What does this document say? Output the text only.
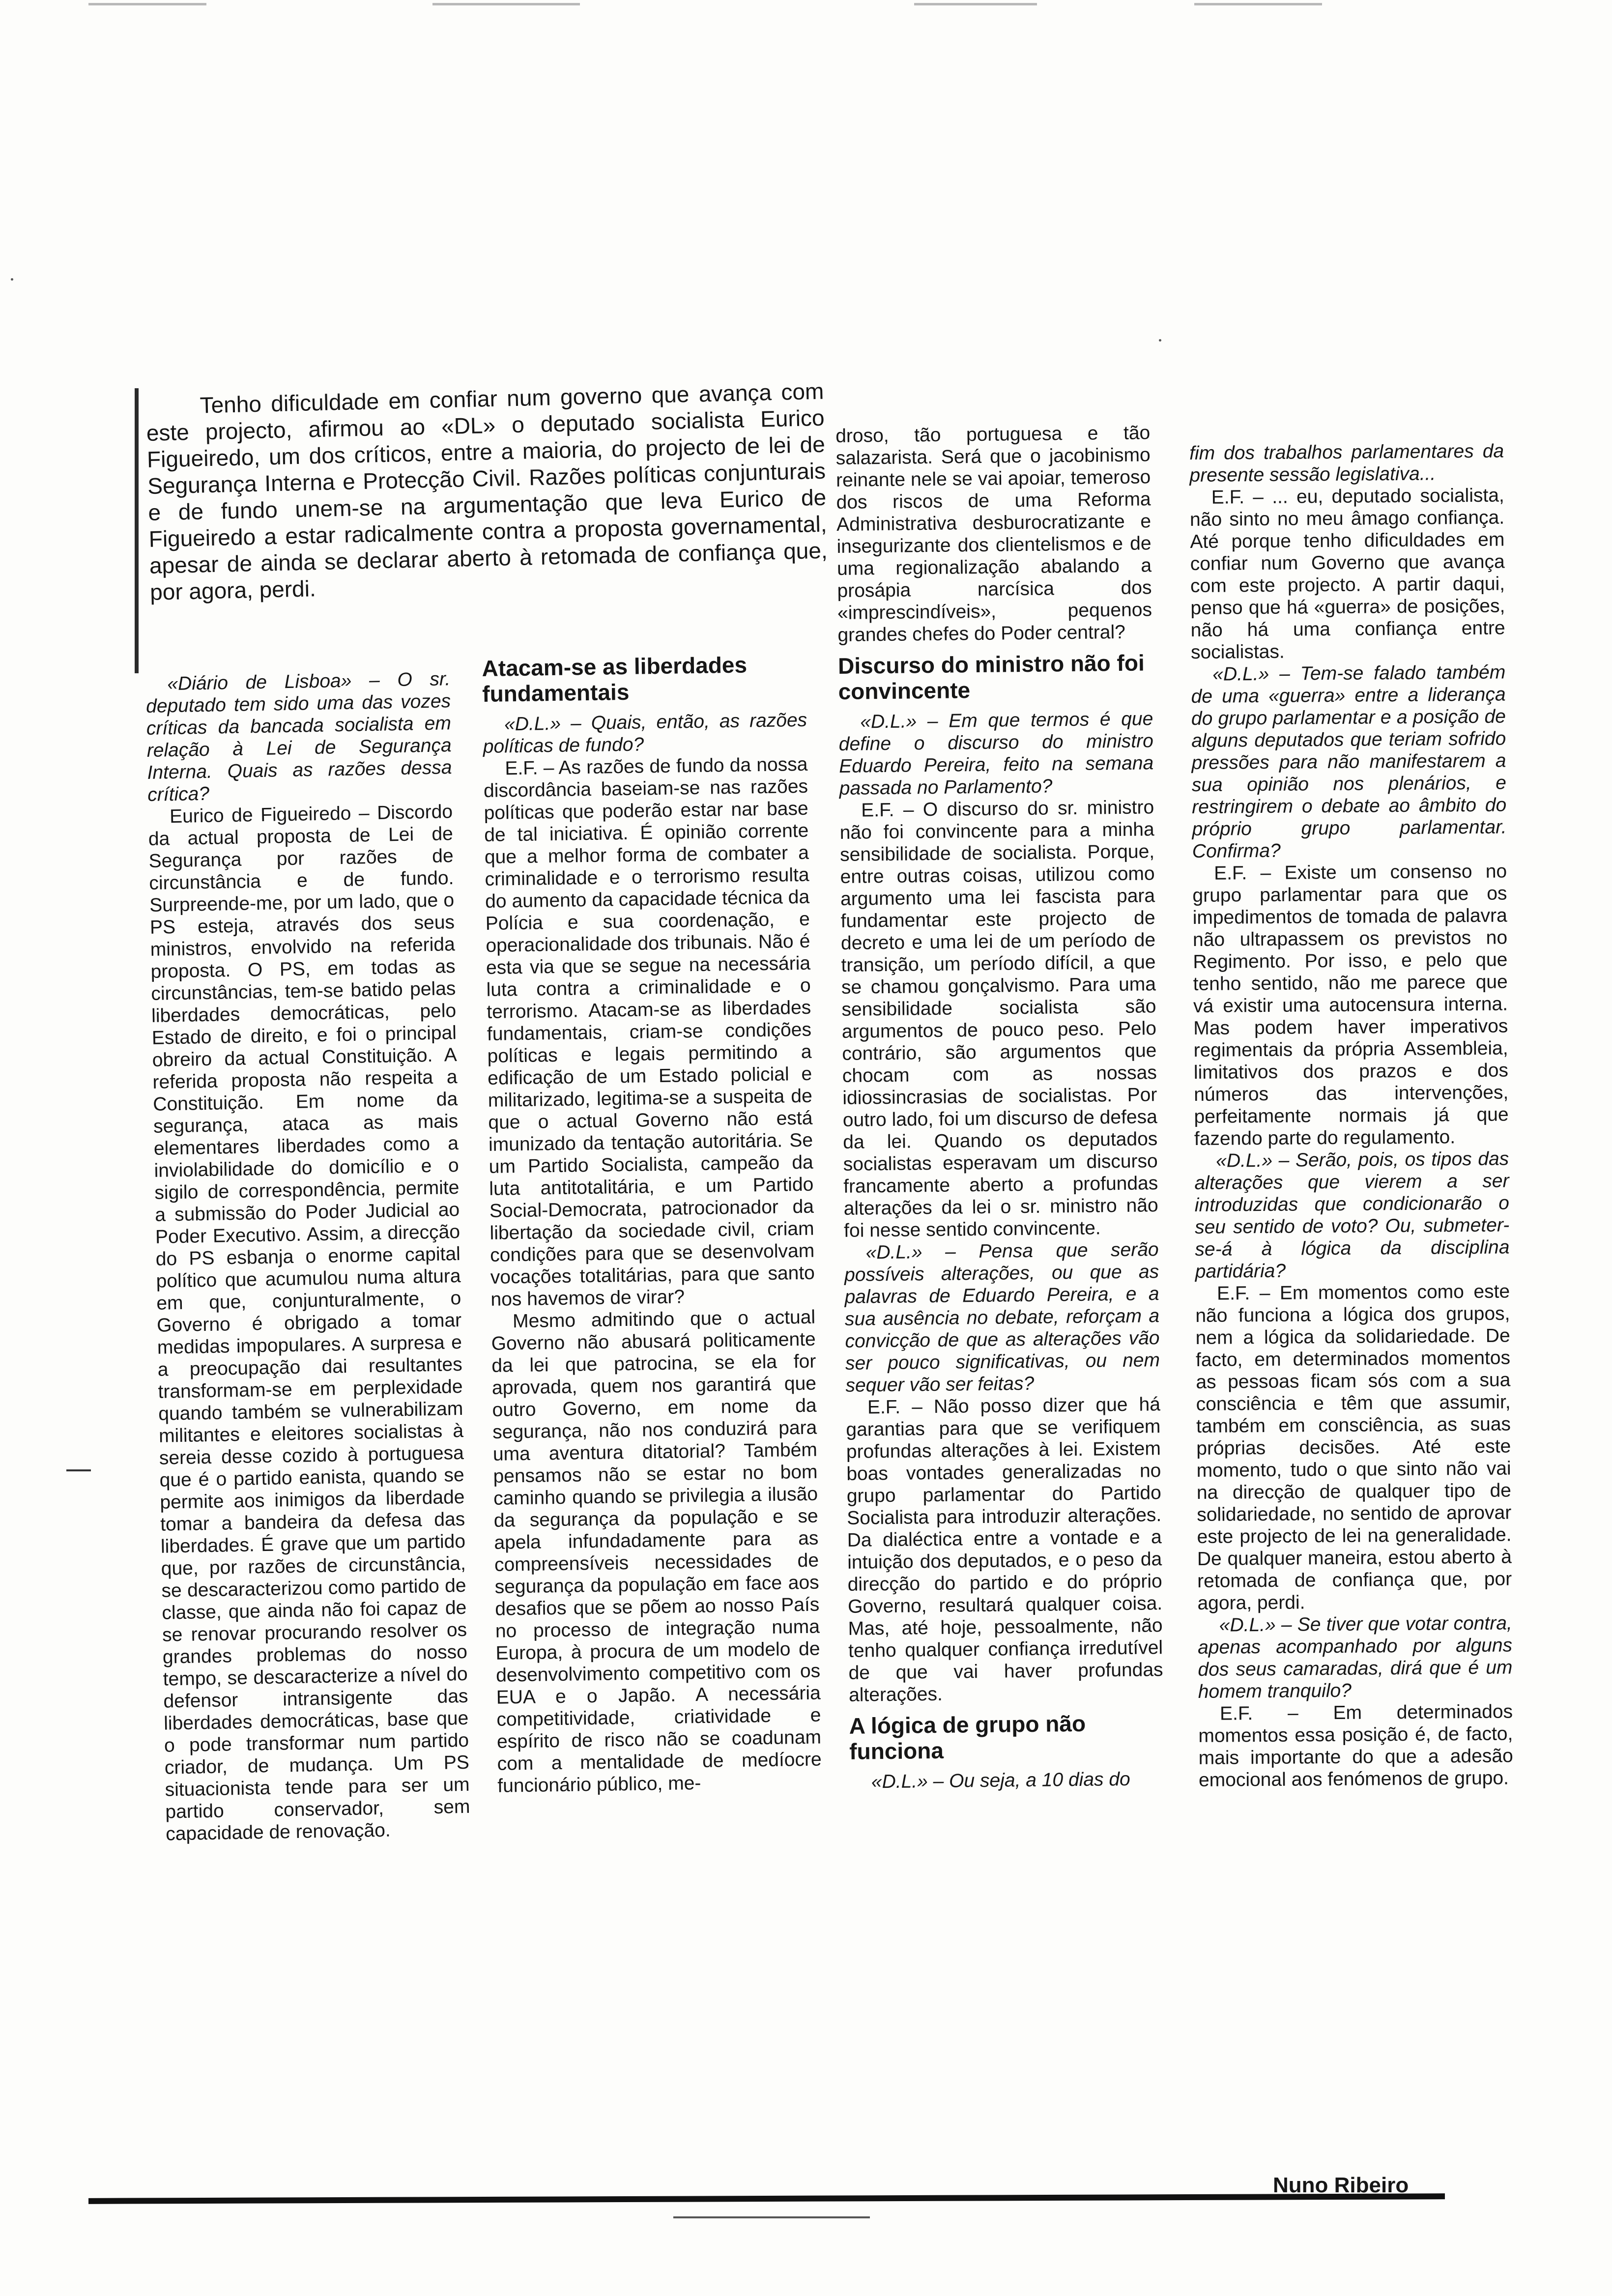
Tenho dificuldade em confiar num governo que avança com este projecto, afirmou ao «DL» o deputado socialista Eurico Figueiredo, um dos críticos, entre a maioria, do projecto de lei de Segurança Interna e Protecção Civil. Razões políticas conjunturais e de fundo unem-se na argumentação que leva Eurico de Figueiredo a estar radicalmente contra a proposta governamental, apesar de ainda se declarar aberto à retomada de confiança que, por agora, perdi.

«Diário de Lisboa» – O sr. deputado tem sido uma das vozes críticas da bancada socialista em relação à Lei de Segurança Interna. Quais as razões dessa crítica?

Eurico de Figueiredo – Discordo da actual proposta de Lei de Segurança por razões de circunstância e de fundo. Surpreende-me, por um lado, que o PS esteja, através dos seus ministros, envolvido na referida proposta. O PS, em todas as circunstâncias, tem-se batido pelas liberdades democráticas, pelo Estado de direito, e foi o principal obreiro da actual Constituição. A referida proposta não respeita a Constituição. Em nome da segurança, ataca as mais elementares liberdades como a inviolabilidade do domicílio e o sigilo de correspondência, permite a submissão do Poder Judicial ao Poder Executivo. Assim, a direcção do PS esbanja o enorme capital político que acumulou numa altura em que, conjunturalmente, o Governo é obrigado a tomar medidas impopulares. A surpresa e a preocupação dai resultantes transformam-se em perplexidade quando também se vulnerabilizam militantes e eleitores socialistas à sereia desse cozido à portuguesa que é o partido eanista, quando se permite aos inimigos da liberdade tomar a bandeira da defesa das liberdades. É grave que um partido que, por razões de circunstância, se descaracterizou como partido de classe, que ainda não foi capaz de se renovar procurando resolver os grandes problemas do nosso tempo, se descaracterize a nível do defensor intransigente das liberdades democráticas, base que o pode transformar num partido criador, de mudança. Um PS situacionista tende para ser um partido conservador, sem capacidade de renovação.

Atacam-se as liberdades fundamentais

«D.L.» – Quais, então, as razões políticas de fundo?

E.F. – As razões de fundo da nossa discordância baseiam-se nas razões políticas que poderão estar nar base de tal iniciativa. É opinião corrente que a melhor forma de combater a criminalidade e o terrorismo resulta do aumento da capacidade técnica da Polícia e sua coordenação, e operacionalidade dos tribunais. Não é esta via que se segue na necessária luta contra a criminalidade e o terrorismo. Atacam-se as liberdades fundamentais, criam-se condições políticas e legais permitindo a edificação de um Estado policial e militarizado, legitima-se a suspeita de que o actual Governo não está imunizado da tentação autoritária. Se um Partido Socialista, campeão da luta antitotalitária, e um Partido Social-Democrata, patrocionador da libertação da sociedade civil, criam condições para que se desenvolvam vocações totalitárias, para que santo nos havemos de virar?

Mesmo admitindo que o actual Governo não abusará politicamente da lei que patrocina, se ela for aprovada, quem nos garantirá que outro Governo, em nome da segurança, não nos conduzirá para uma aventura ditatorial? Também pensamos não se estar no bom caminho quando se privilegia a ilusão da segurança da população e se apela infundadamente para as compreensíveis necessidades de segurança da população em face aos desafios que se põem ao nosso País no processo de integração numa Europa, à procura de um modelo de desenvolvimento competitivo com os EUA e o Japão. A necessária competitividade, criatividade e espírito de risco não se coadunam com a mentalidade de medíocre funcionário público, me-

droso, tão portuguesa e tão salazarista. Será que o jacobinismo reinante nele se vai apoiar, temeroso dos riscos de uma Reforma Administrativa desburocratizante e insegurizante dos clientelismos e de uma regionalização abalando a prosápia narcísica dos «imprescindíveis», pequenos grandes chefes do Poder central?

Discurso do ministro não foi convincente

«D.L.» – Em que termos é que define o discurso do ministro Eduardo Pereira, feito na semana passada no Parlamento?

E.F. – O discurso do sr. ministro não foi convincente para a minha sensibilidade de socialista. Porque, entre outras coisas, utilizou como argumento uma lei fascista para fundamentar este projecto de decreto e uma lei de um período de transição, um período difícil, a que se chamou gonçalvismo. Para uma sensibilidade socialista são argumentos de pouco peso. Pelo contrário, são argumentos que chocam com as nossas idiossincrasias de socialistas. Por outro lado, foi um discurso de defesa da lei. Quando os deputados socialistas esperavam um discurso francamente aberto a profundas alterações da lei o sr. ministro não foi nesse sentido convincente.

«D.L.» – Pensa que serão possíveis alterações, ou que as palavras de Eduardo Pereira, e a sua ausência no debate, reforçam a convicção de que as alterações vão ser pouco significativas, ou nem sequer vão ser feitas?

E.F. – Não posso dizer que há garantias para que se verifiquem profundas alterações à lei. Existem boas vontades generalizadas no grupo parlamentar do Partido Socialista para introduzir alterações. Da dialéctica entre a vontade e a intuição dos deputados, e o peso da direcção do partido e do próprio Governo, resultará qualquer coisa. Mas, até hoje, pessoalmente, não tenho qualquer confiança irredutível de que vai haver profundas alterações.

A lógica de grupo não funciona

«D.L.» – Ou seja, a 10 dias do

fim dos trabalhos parlamentares da presente sessão legislativa...

E.F. – ... eu, deputado socialista, não sinto no meu âmago confiança. Até porque tenho dificuldades em confiar num Governo que avança com este projecto. A partir daqui, penso que há «guerra» de posições, não há uma confiança entre socialistas.

«D.L.» – Tem-se falado também de uma «guerra» entre a liderança do grupo parlamentar e a posição de alguns deputados que teriam sofrido pressões para não manifestarem a sua opinião nos plenários, e restringirem o debate ao âmbito do próprio grupo parlamentar. Confirma?

E.F. – Existe um consenso no grupo parlamentar para que os impedimentos de tomada de palavra não ultrapassem os previstos no Regimento. Por isso, e pelo que tenho sentido, não me parece que vá existir uma autocensura interna. Mas podem haver imperativos regimentais da própria Assembleia, limitativos dos prazos e dos números das intervenções, perfeitamente normais já que fazendo parte do regulamento.

«D.L.» – Serão, pois, os tipos das alterações que vierem a ser introduzidas que condicionarão o seu sentido de voto? Ou, submeter-se-á à lógica da disciplina partidária?

E.F. – Em momentos como este não funciona a lógica dos grupos, nem a lógica da solidariedade. De facto, em determinados momentos as pessoas ficam sós com a sua consciência e têm que assumir, também em consciência, as suas próprias decisões. Até este momento, tudo o que sinto não vai na direcção de qualquer tipo de solidariedade, no sentido de aprovar este projecto de lei na generalidade. De qualquer maneira, estou aberto à retomada de confiança que, por agora, perdi.

«D.L.» – Se tiver que votar contra, apenas acompanhado por alguns dos seus camaradas, dirá que é um homem tranquilo?

E.F. – Em determinados momentos essa posição é, de facto, mais importante do que a adesão emocional aos fenómenos de grupo.

Nuno Ribeiro
